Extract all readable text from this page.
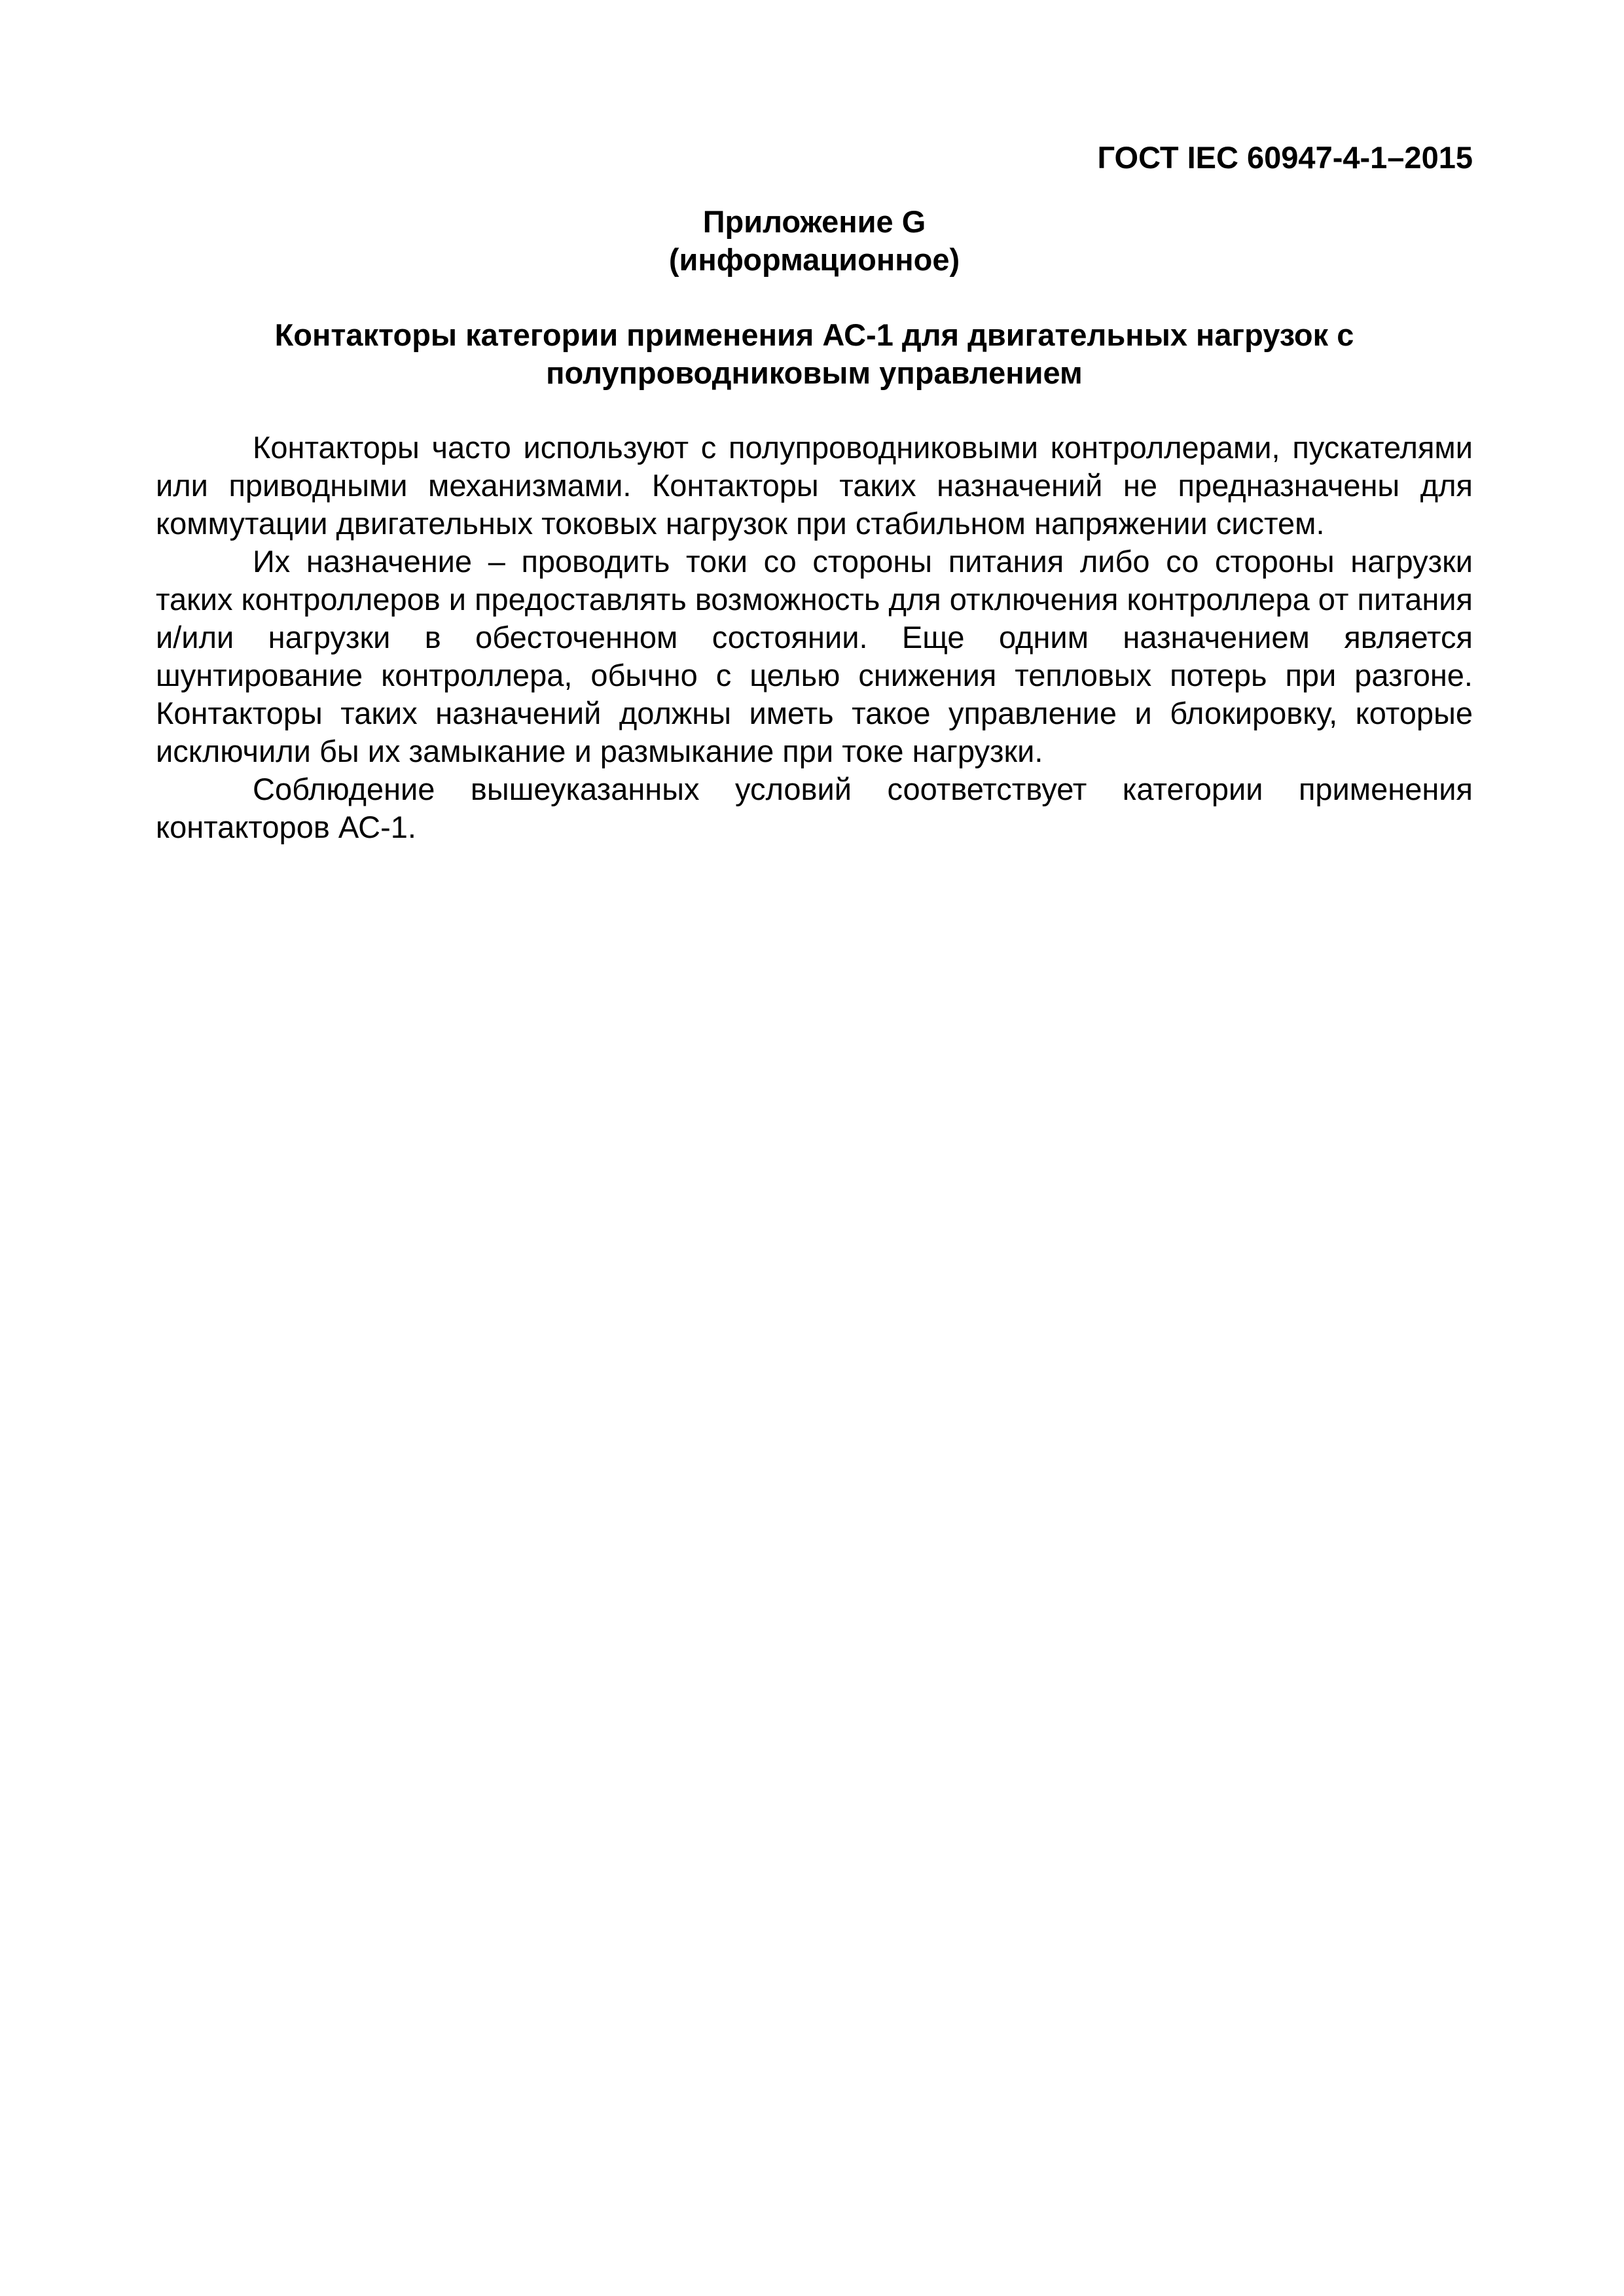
ГОСТ IEC 60947-4-1–2015
Приложение G
(информационное)
Контакторы категории применения АС-1 для двигательных нагрузок с
полупроводниковым управлением

Контакторы часто используют с полупроводниковыми контроллерами, пускателями или приводными механизмами. Контакторы таких назначений не предназначены для коммутации двигательных токовых нагрузок при стабильном напряжении систем.

Их назначение – проводить токи со стороны питания либо со стороны нагрузки таких контроллеров и предоставлять возможность для отключения контроллера от питания и/или нагрузки в обесточенном состоянии. Еще одним назначением является шунтирование контроллера, обычно с целью снижения тепловых потерь при разгоне. Контакторы таких назначений должны иметь такое управление и блокировку, которые исключили бы их замыкание и размыкание при токе нагрузки.

Соблюдение вышеуказанных условий соответствует категории применения контакторов АС-1.
